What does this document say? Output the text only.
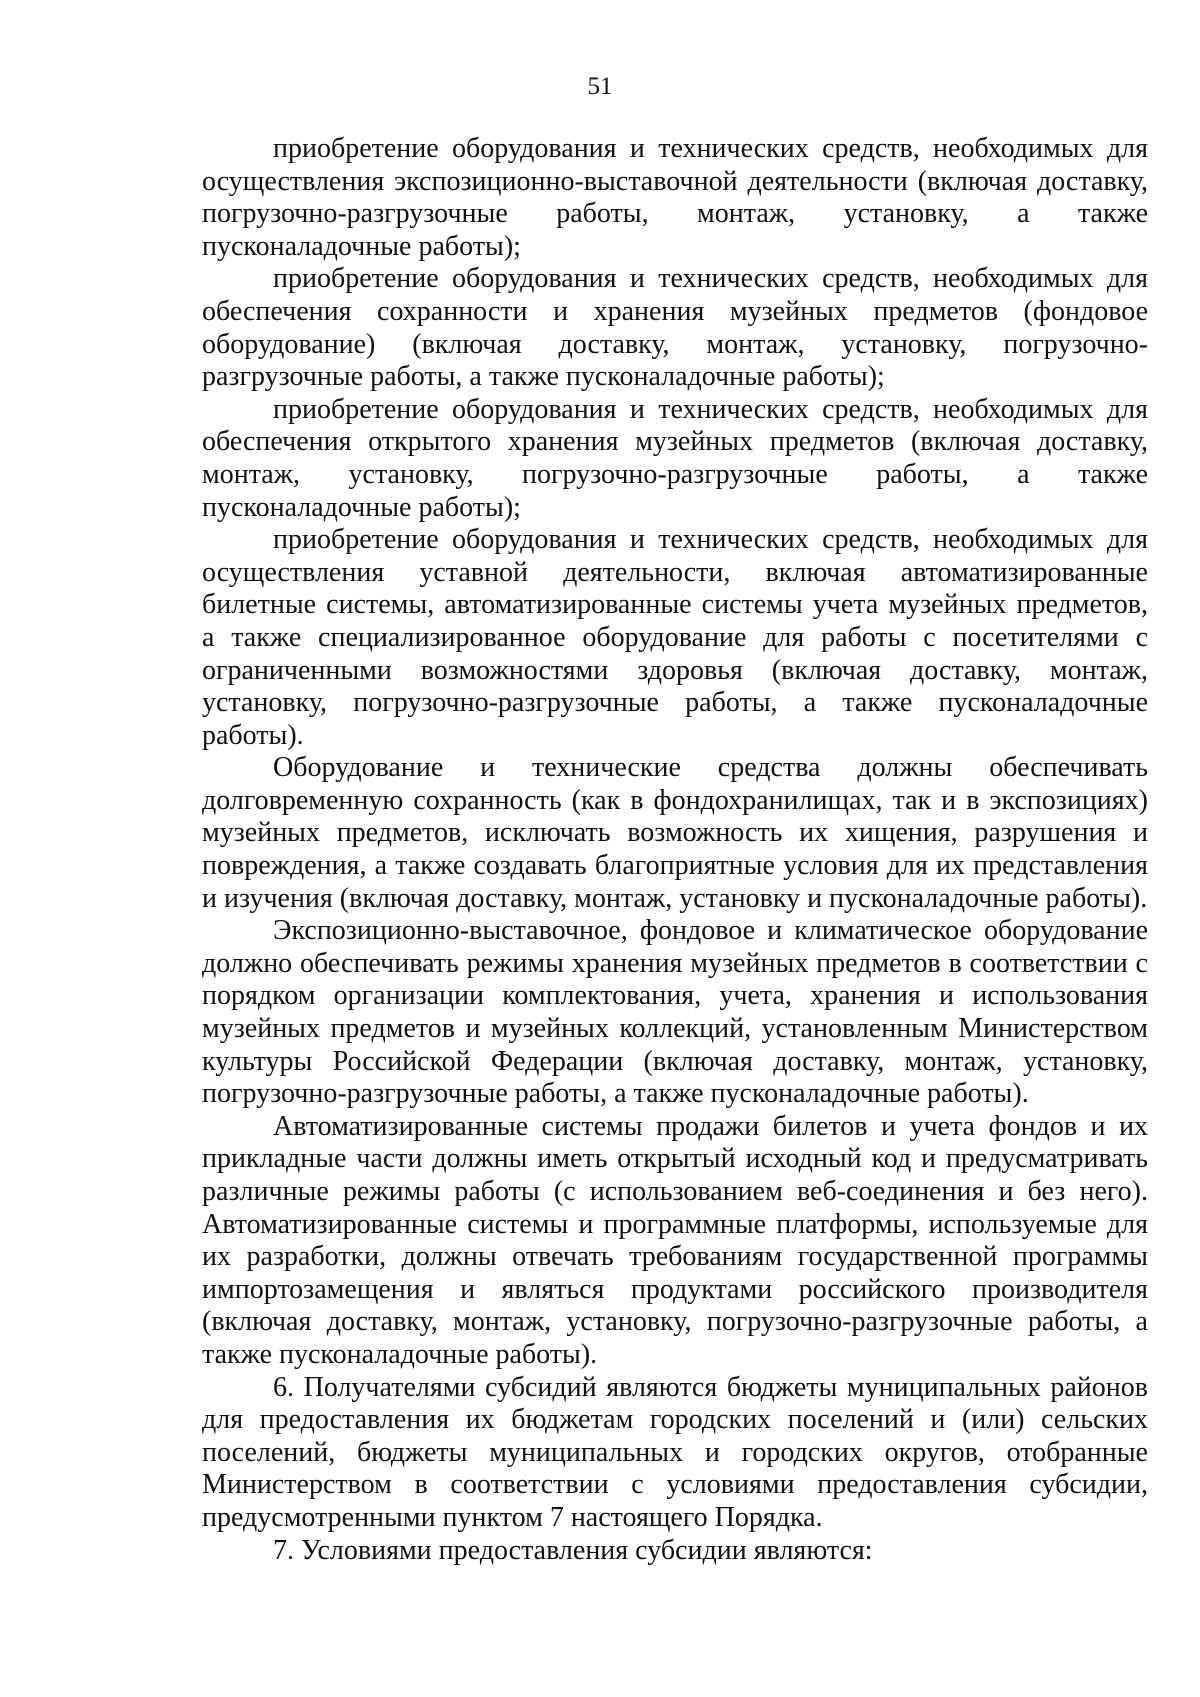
51

приобретение оборудования и технических средств, необходимых для осуществления экспозиционно-выставочной деятельности (включая доставку, погрузочно-разгрузочные работы, монтаж, установку, а также пусконаладочные работы);

приобретение оборудования и технических средств, необходимых для обеспечения сохранности и хранения музейных предметов (фондовое оборудование) (включая доставку, монтаж, установку, погрузочно-разгрузочные работы, а также пусконаладочные работы);

приобретение оборудования и технических средств, необходимых для обеспечения открытого хранения музейных предметов (включая доставку, монтаж, установку, погрузочно-разгрузочные работы, а также пусконаладочные работы);

приобретение оборудования и технических средств, необходимых для осуществления уставной деятельности, включая автоматизированные билетные системы, автоматизированные системы учета музейных предметов, а также специализированное оборудование для работы с посетителями с ограниченными возможностями здоровья (включая доставку, монтаж, установку, погрузочно-разгрузочные работы, а также пусконаладочные работы).

Оборудование и технические средства должны обеспечивать долговременную сохранность (как в фондохранилищах, так и в экспозициях) музейных предметов, исключать возможность их хищения, разрушения и повреждения, а также создавать благоприятные условия для их представления и изучения (включая доставку, монтаж, установку и пусконаладочные работы).

Экспозиционно-выставочное, фондовое и климатическое оборудование должно обеспечивать режимы хранения музейных предметов в соответствии с порядком организации комплектования, учета, хранения и использования музейных предметов и музейных коллекций, установленным Министерством культуры Российской Федерации (включая доставку, монтаж, установку, погрузочно-разгрузочные работы, а также пусконаладочные работы).

Автоматизированные системы продажи билетов и учета фондов и их прикладные части должны иметь открытый исходный код и предусматривать различные режимы работы (с использованием веб-соединения и без него). Автоматизированные системы и программные платформы, используемые для их разработки, должны отвечать требованиям государственной программы импортозамещения и являться продуктами российского производителя (включая доставку, монтаж, установку, погрузочно-разгрузочные работы, а также пусконаладочные работы).

6. Получателями субсидий являются бюджеты муниципальных районов для предоставления их бюджетам городских поселений и (или) сельских поселений, бюджеты муниципальных и городских округов, отобранные Министерством в соответствии с условиями предоставления субсидии, предусмотренными пунктом 7 настоящего Порядка.

7. Условиями предоставления субсидии являются:
